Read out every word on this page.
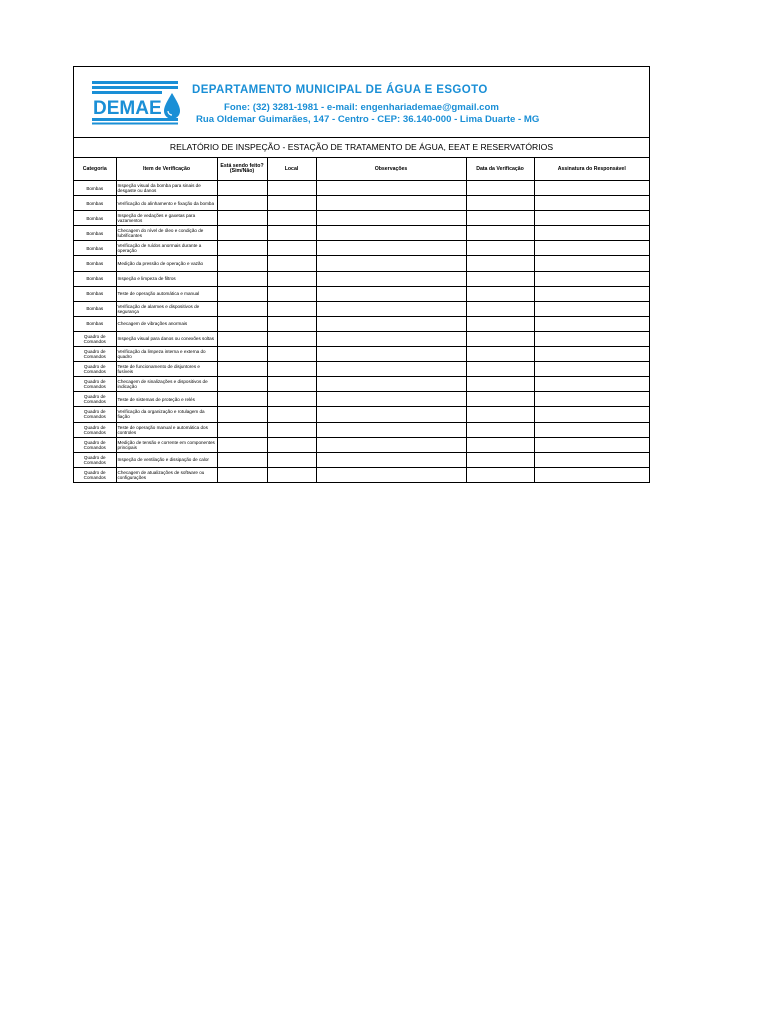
DEMAE
DEPARTAMENTO MUNICIPAL DE ÁGUA E ESGOTO
Fone: (32) 3281-1981 - e-mail: engenhariademae@gmail.com
Rua Oldemar Guimarães, 147 - Centro - CEP: 36.140-000 - Lima Duarte - MG
RELATÓRIO DE INSPEÇÃO - ESTAÇÃO DE TRATAMENTO DE ÁGUA, EEAT E RESERVATÓRIOS
Categoria	Item de Verificação	Está sendo feito? (Sim/Não)	Local	Observações	Data da Verificação	Assinatura do Responsável
Bombas	Inspeção visual da bomba para sinais de desgaste ou danos					
Bombas	Verificação do alinhamento e fixação da bomba					
Bombas	Inspeção de vedações e gaxetas para vazamentos					
Bombas	Checagem do nível de óleo e condição de lubrificantes					
Bombas	Verificação de ruídos anormais durante a operação					
Bombas	Medição da pressão de operação e vazão					
Bombas	Inspeção e limpeza de filtros					
Bombas	Teste de operação automática e manual					
Bombas	Verificação de alarmes e dispositivos de segurança					
Bombas	Checagem de vibrações anormais					
Quadro de Comandos	Inspeção visual para danos ou conexões soltas					
Quadro de Comandos	Verificação da limpeza interna e externa do quadro					
Quadro de Comandos	Teste de funcionamento de disjuntores e fusíveis					
Quadro de Comandos	Checagem de sinalizações e dispositivos de indicação					
Quadro de Comandos	Teste de sistemas de proteção e relés					
Quadro de Comandos	Verificação da organização e rotulagem da fiação					
Quadro de Comandos	Teste de operação manual e automática dos controles					
Quadro de Comandos	Medição de tensão e corrente em componentes principais					
Quadro de Comandos	Inspeção de ventilação e dissipação de calor					
Quadro de Comandos	Checagem de atualizações de software ou configurações					
